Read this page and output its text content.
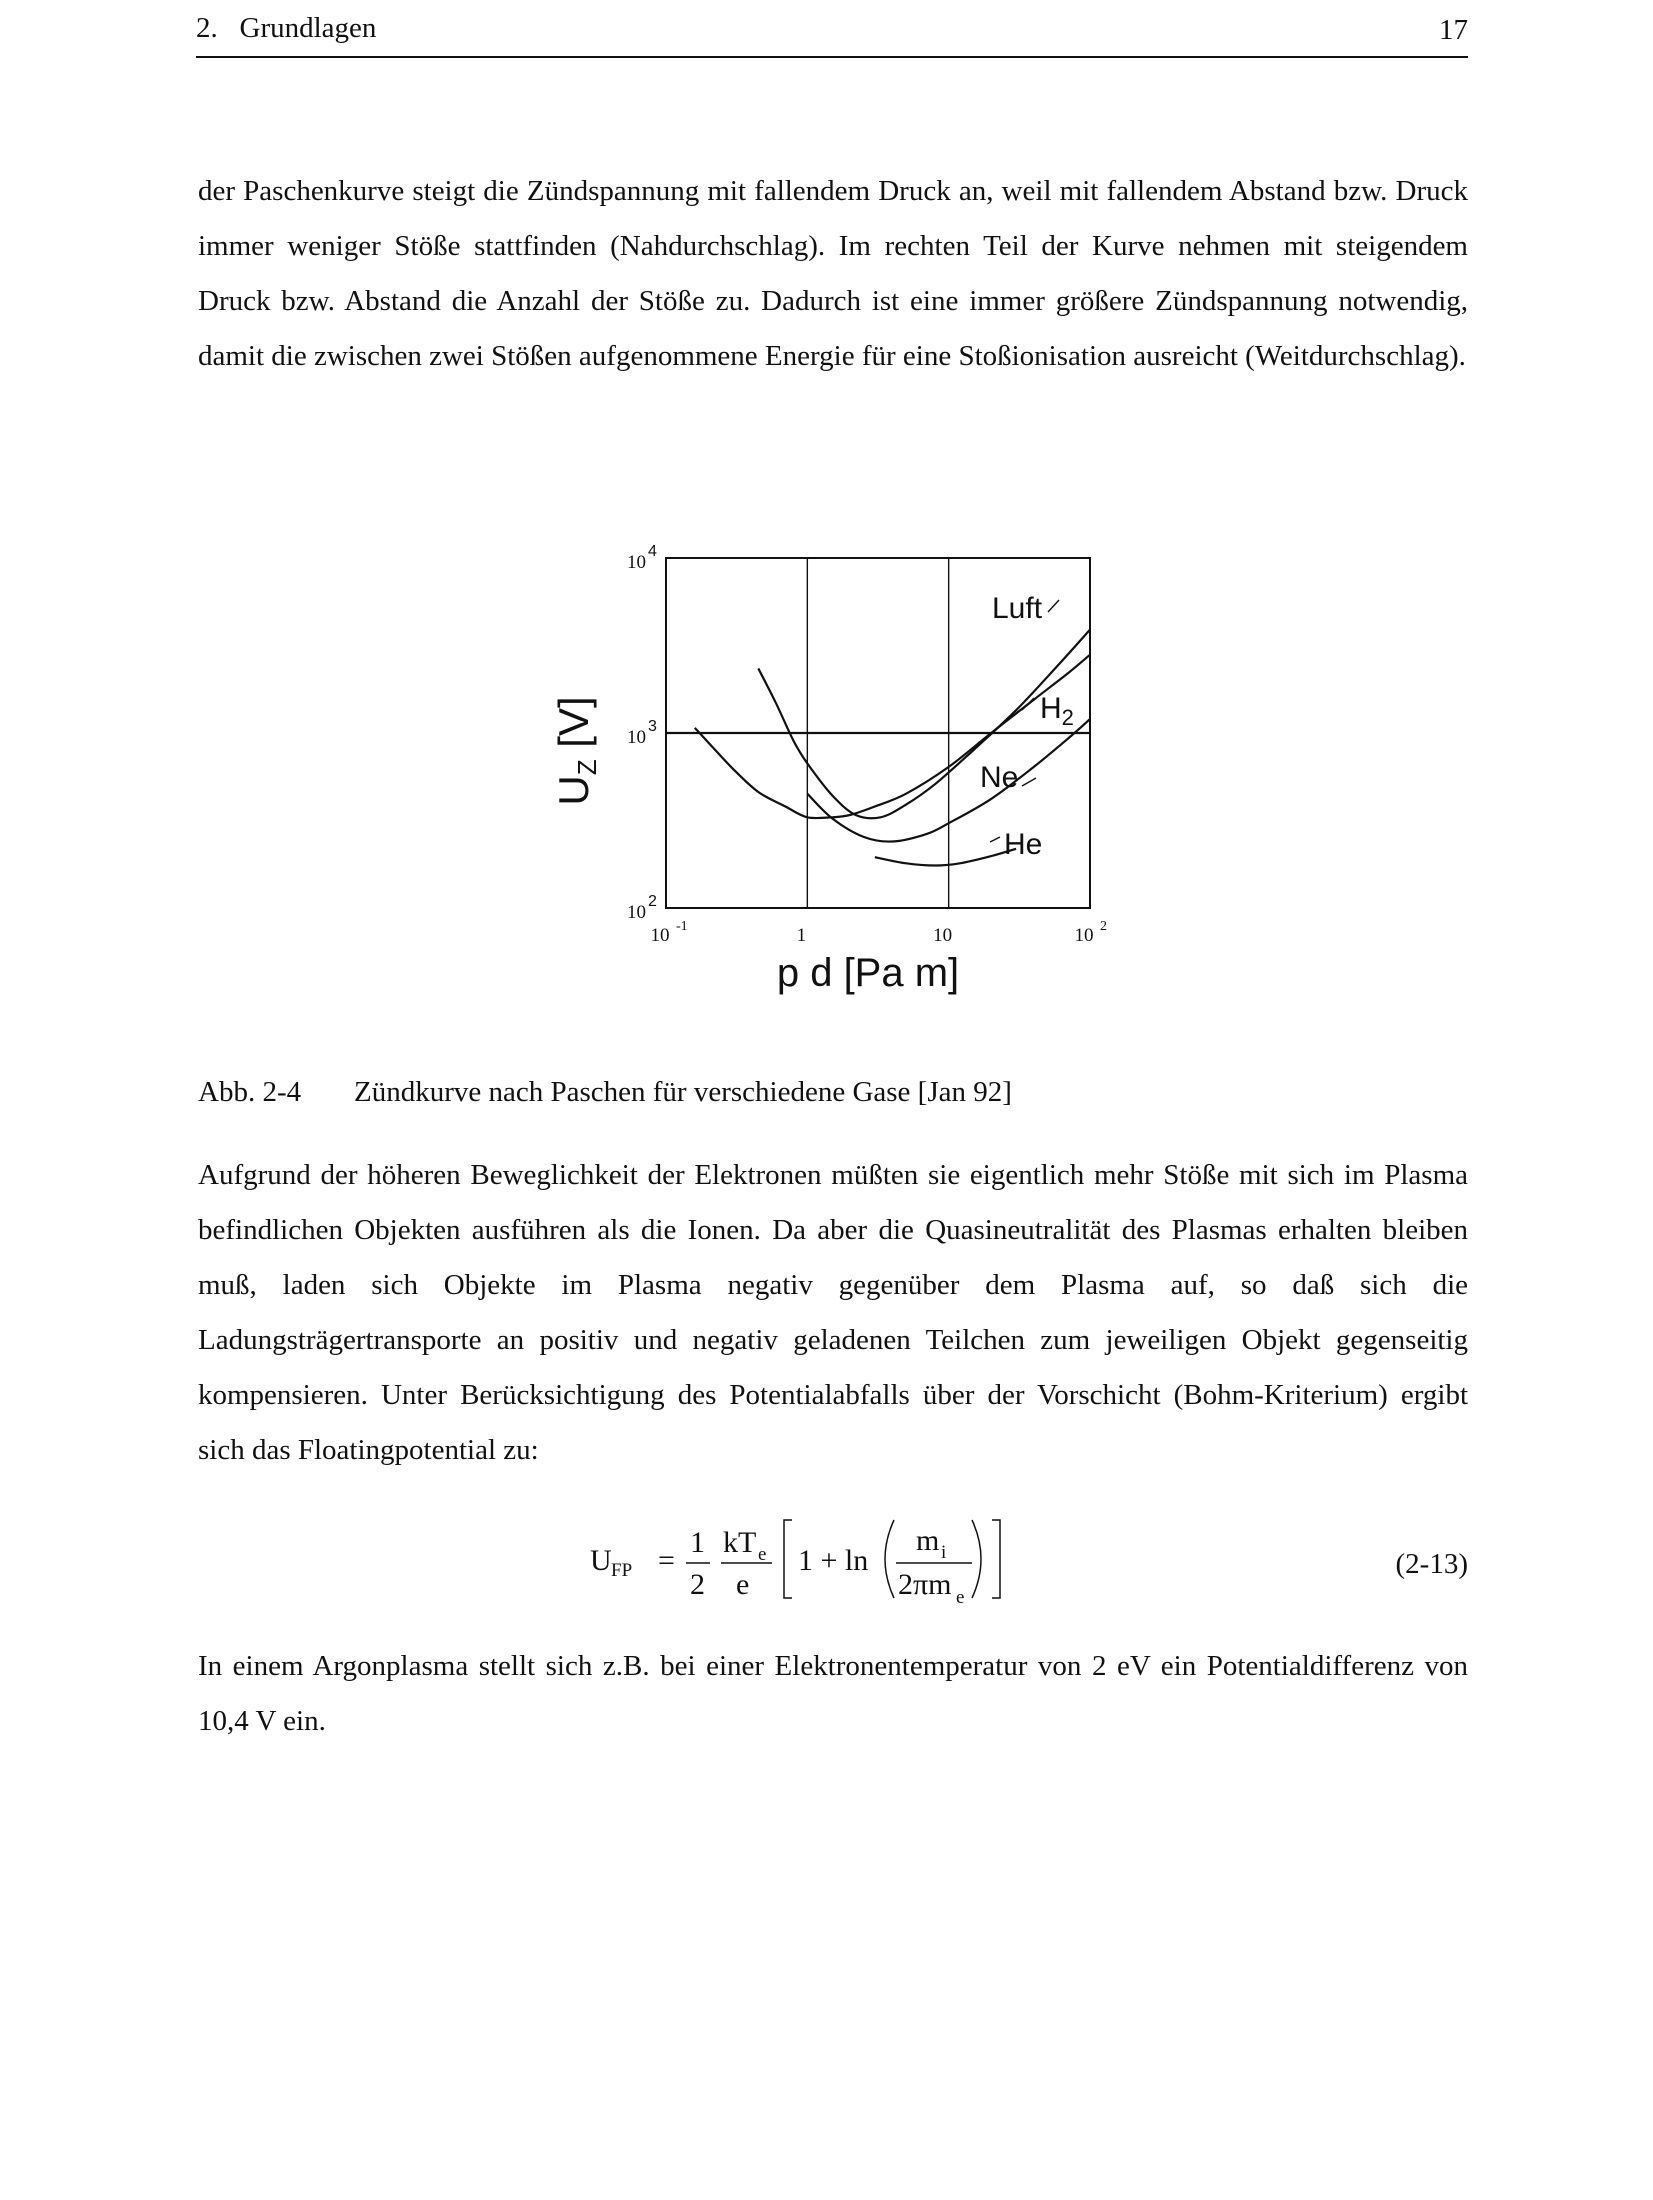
2.   Grundlagen	17

der Paschenkurve steigt die Zündspannung mit fallendem Druck an, weil mit fallendem Abstand bzw. Druck immer weniger Stöße stattfinden (Nahdurchschlag). Im rechten Teil der Kurve nehmen mit steigendem Druck bzw. Abstand die Anzahl der Stöße zu. Dadurch ist eine immer größere Zündspannung notwendig, damit die zwischen zwei Stößen aufgenommene Energie für eine Stoßionisation ausreicht (Weitdurchschlag).

10 -1	1	10	10 2
10
2
10
3
10
4
p d [Pa m]
UZ [V]
Luft
$H_2$
Ne
He
Abb. 2-4 Zündkurve nach Paschen für verschiedene Gase [Jan 92]

Aufgrund der höheren Beweglichkeit der Elektronen müßten sie eigentlich mehr Stöße mit sich im Plasma befindlichen Objekten ausführen als die Ionen. Da aber die Quasineutralität des Plasmas erhalten bleiben muß, laden sich Objekte im Plasma negativ gegenüber dem Plasma auf, so daß sich die Ladungsträgertransporte an positiv und negativ geladenen Teilchen zum jeweiligen Objekt gegenseitig kompensieren. Unter Berücksichtigung des Potentialabfalls über der Vorschicht (Bohm-Kriterium) ergibt sich das Floatingpotential zu:

U FP =
1
2
kT e
e
1 + ln
m i
2πm e
(2-13)

In einem Argonplasma stellt sich z.B. bei einer Elektronentemperatur von 2 eV ein Potentialdifferenz von 10,4 V ein.
